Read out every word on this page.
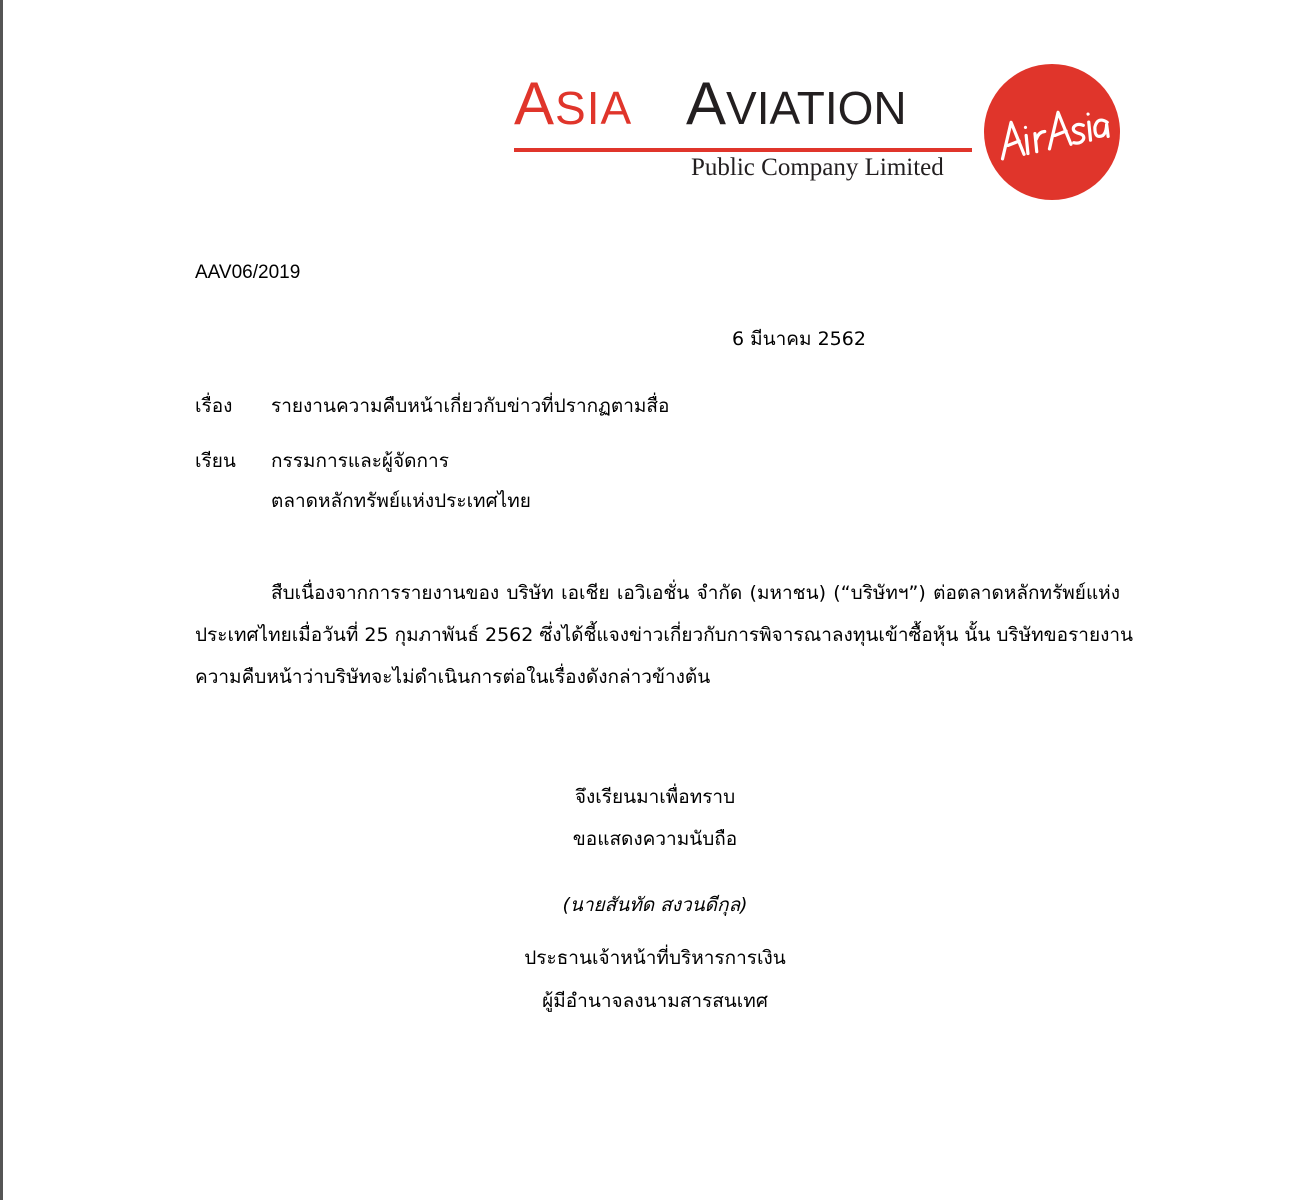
ASIA AVIATION
Public Company Limited
AAV06/2019
6 มีนาคม 2562
เรื่อง รายงานความคืบหน้าเกี่ยวกับข่าวที่ปรากฏตามสื่อ
เรียน กรรมการและผู้จัดการ
ตลาดหลักทรัพย์แห่งประเทศไทย
สืบเนื่องจากการรายงานของ บริษัท เอเชีย เอวิเอชั่น จำกัด (มหาชน) (“บริษัทฯ”) ต่อตลาดหลักทรัพย์แห่ง
ประเทศไทยเมื่อวันที่ 25 กุมภาพันธ์ 2562 ซึ่งได้ชี้แจงข่าวเกี่ยวกับการพิจารณาลงทุนเข้าซื้อหุ้น นั้น บริษัทขอรายงาน
ความคืบหน้าว่าบริษัทจะไม่ดำเนินการต่อในเรื่องดังกล่าวข้างต้น
จึงเรียนมาเพื่อทราบ
ขอแสดงความนับถือ
(นายสันทัด สงวนดีกุล)
ประธานเจ้าหน้าที่บริหารการเงิน
ผู้มีอำนาจลงนามสารสนเทศ
